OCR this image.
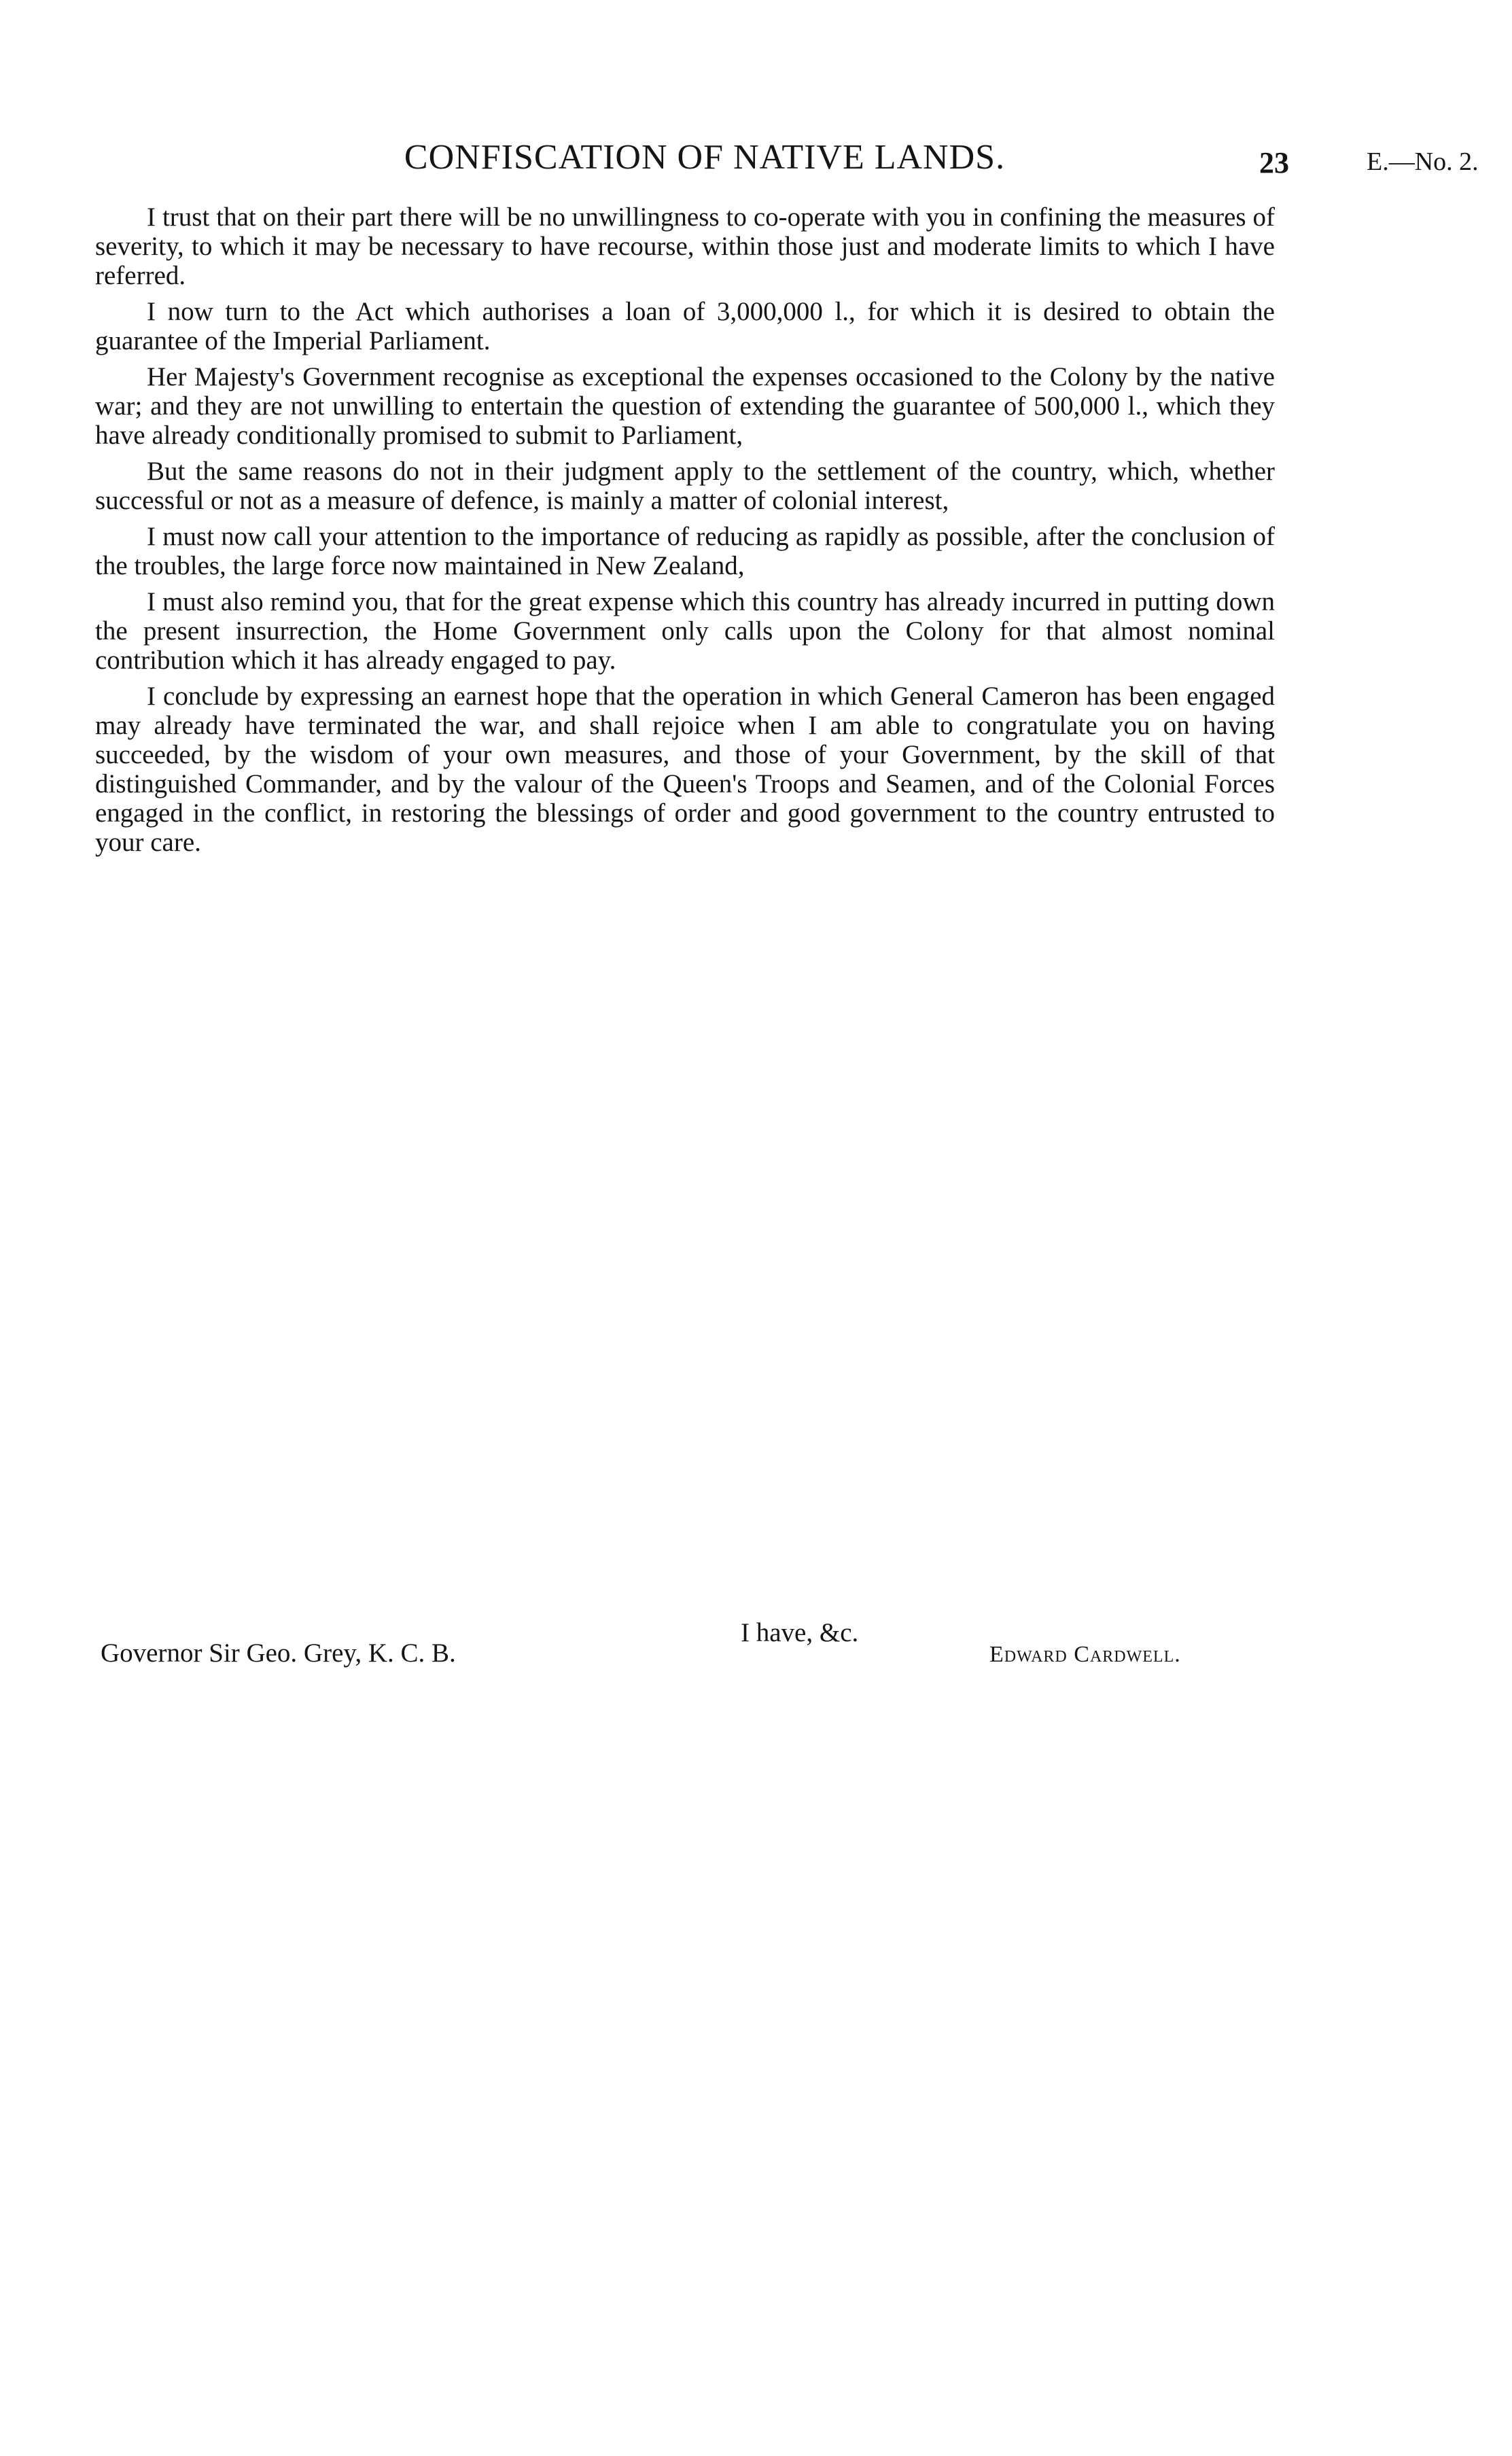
CONFISCATION OF NATIVE LANDS.	23	E.—No. 2.

I trust that on their part there will be no unwillingness to co-operate with you in confining the measures of severity, to which it may be necessary to have recourse, within those just and moderate limits to which I have referred.

I now turn to the Act which authorises a loan of 3,000,000 l., for which it is desired to obtain the guarantee of the Imperial Parliament.

Her Majesty's Government recognise as exceptional the expenses occasioned to the Colony by the native war; and they are not unwilling to entertain the question of extending the guarantee of 500,000 l., which they have already conditionally promised to submit to Parliament,

But the same reasons do not in their judgment apply to the settlement of the country, which, whether successful or not as a measure of defence, is mainly a matter of colonial interest,

I must now call your attention to the importance of reducing as rapidly as possible, after the conclusion of the troubles, the large force now maintained in New Zealand,

I must also remind you, that for the great expense which this country has already incurred in putting down the present insurrection, the Home Government only calls upon the Colony for that almost nominal contribution which it has already engaged to pay.

I conclude by expressing an earnest hope that the operation in which General Cameron has been engaged may already have terminated the war, and shall rejoice when I am able to congratulate you on having succeeded, by the wisdom of your own measures, and those of your Government, by the skill of that distinguished Commander, and by the valour of the Queen's Troops and Seamen, and of the Colonial Forces engaged in the conflict, in restoring the blessings of order and good government to the country entrusted to your care.

Governor Sir Geo. Grey, K. C. B.
I have, &c.
Edward Cardwell.
